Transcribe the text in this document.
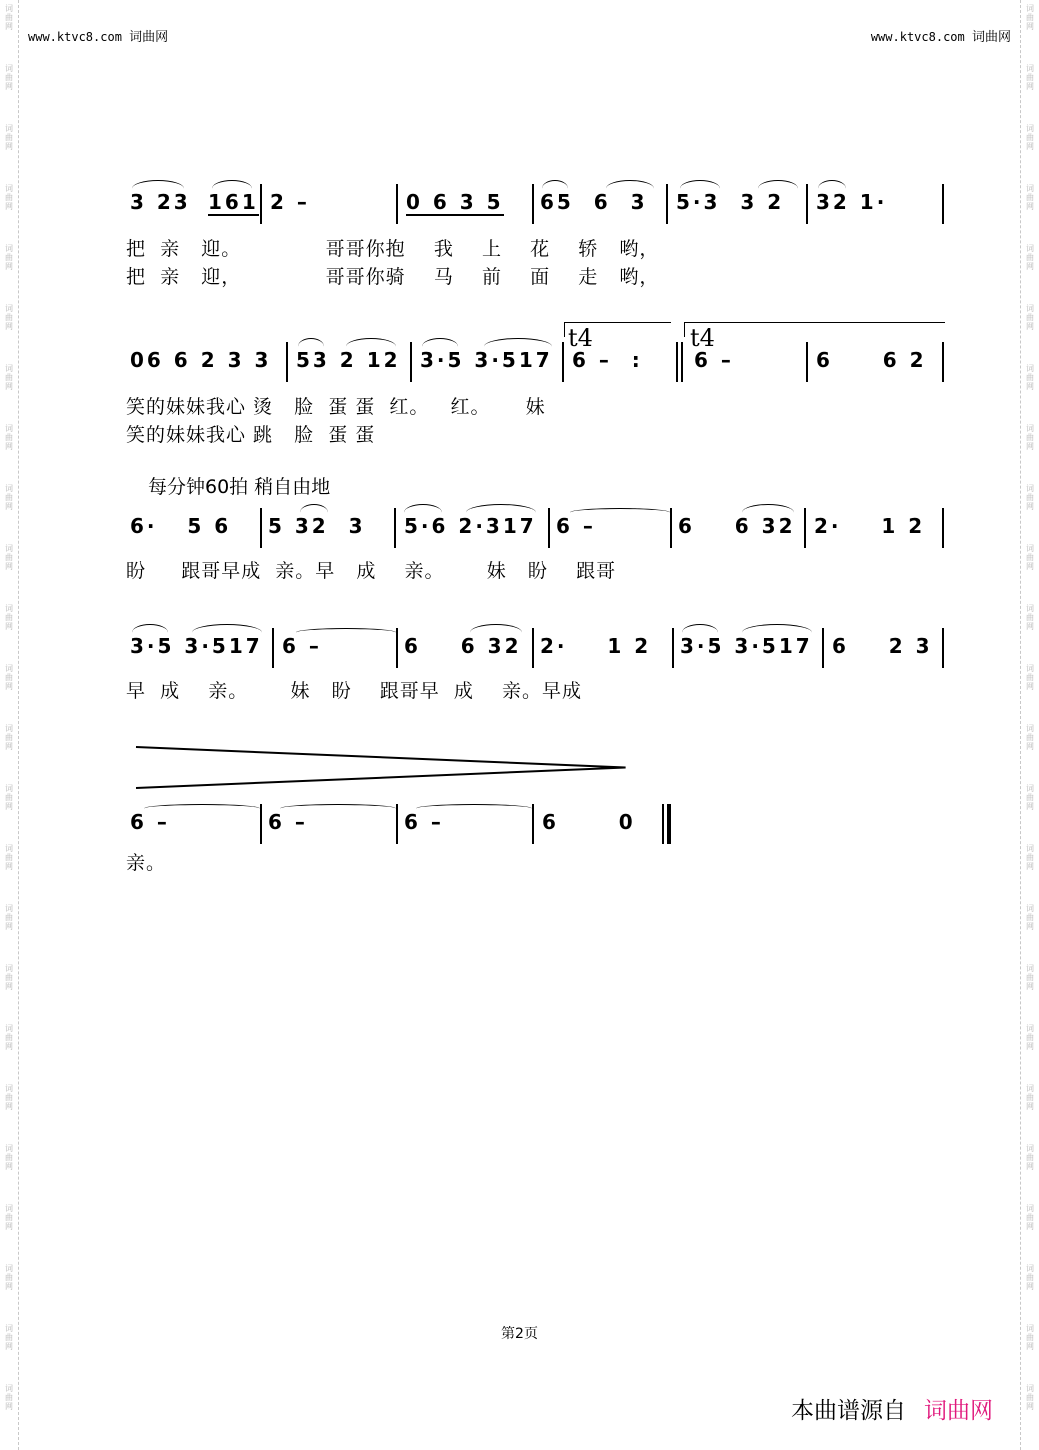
词
曲
网
词
曲
网
词
曲
网
词
曲
网
词
曲
网
词
曲
网
词
曲
网
词
曲
网
词
曲
网
词
曲
网
词
曲
网
词
曲
网
词
曲
网
词
曲
网
词
曲
网
词
曲
网
词
曲
网
词
曲
网
词
曲
网
词
曲
网
词
曲
网
词
曲
网
词
曲
网
词
曲
网
词
曲
网
词
曲
网
词
曲
网
词
曲
网
词
曲
网
词
曲
网
词
曲
网
词
曲
网
词
曲
网
词
曲
网
词
曲
网
词
曲
网
词
曲
网
词
曲
网
词
曲
网
词
曲
网
词
曲
网
词
曲
网
词
曲
网
词
曲
网
词
曲
网
词
曲
网
词
曲
网
词
曲
网
www.ktvc8.com 词曲网	www.ktvc8.com 词曲网
3 23 161 2 –	0 6 3 5 65  6  3 5·3 3 2 32 1·
把  亲   迎。            哥哥你抱    我    上    花    轿   哟，
把  亲   迎，            哥哥你骑    马    前    面    走   哟，
t4	t4
06 6 2 3 3 53 2 12 3·5 3·517 6 –  :	6 –	6     6 2
笑的妹妹我心 烫   脸  蛋 蛋  红。   红。     妹
笑的妹妹我心 跳   脸  蛋 蛋
每分钟60拍 稍自由地
6·   5 6 5 32  3 5·6 2·317 6 –	6    6 32 2·    1 2
盼     跟哥早成  亲。早   成    亲。      妹   盼    跟哥
3·5 3·517 6 –	6    6 32 2·    1 2 3·5 3·517 6    2 3
早  成    亲。      妹   盼    跟哥早  成    亲。早成
6 –	6 –	6 –	6      0
亲。
第2页
本曲谱源自 词曲网
